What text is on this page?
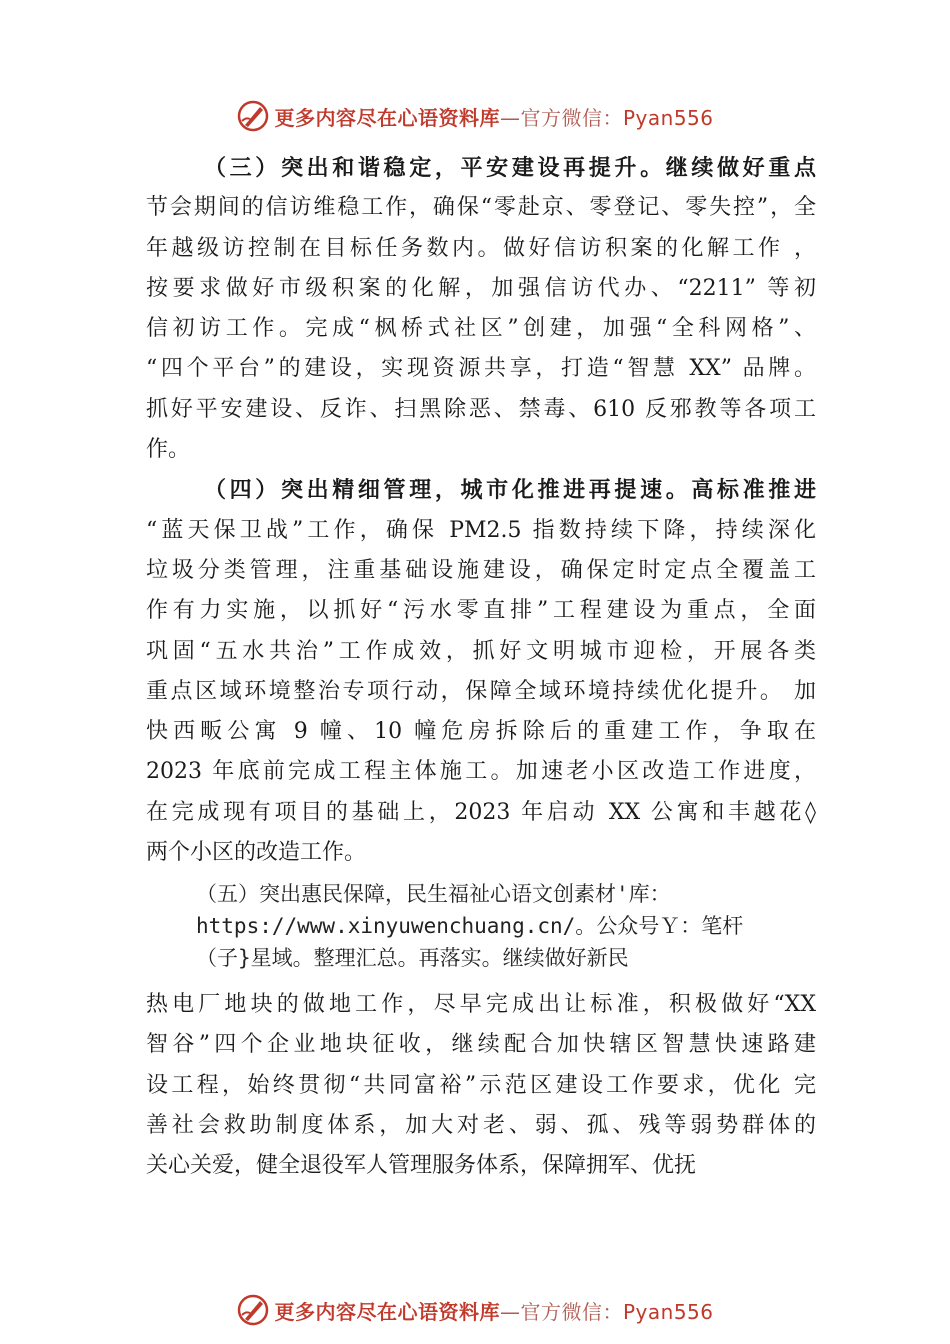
更多内容尽在心语资料库—官方微信：Pyan556
（三）突出和谐稳定，平安建设再提升。继续做好重点
节会期间的信访维稳工作，确保“零赴京、零登记、零失控”，全
年越级访控制在目标任务数内。做好信访积案的化解工作 ，
按要求做好市级积案的化解，加强信访代办、“2211” 等初
信初访工作。完成“枫桥式社区”创建，加强“全科网格”、
“四个平台”的建设，实现资源共享，打造“智慧 XX” 品牌。
抓好平安建设、反诈、扫黑除恶、禁毒、610 反邪教等各项工
作。
（四）突出精细管理，城市化推进再提速。高标准推进
“蓝天保卫战”工作，确保 PM2.5 指数持续下降，持续深化
垃圾分类管理，注重基础设施建设，确保定时定点全覆盖工
作有力实施，以抓好“污水零直排”工程建设为重点，全面
巩固“五水共治”工作成效，抓好文明城市迎检，开展各类
重点区域环境整治专项行动，保障全域环境持续优化提升。 加
快西畈公寓 9 幢、10 幢危房拆除后的重建工作，争取在
2023 年底前完成工程主体施工。加速老小区改造工作进度，
在完成现有项目的基础上，2023 年启动 XX 公寓和丰越花◊
两个小区的改造工作。
（五）突出惠民保障，民生福祉心语文创素材'库：
https://www.xinyuwenchuang.cn/。公众号Ｙ：笔杆
（子}星域。整理汇总。再落实。继续做好新民
热电厂地块的做地工作，尽早完成出让标准，积极做好“XX
智谷”四个企业地块征收，继续配合加快辖区智慧快速路建
设工程，始终贯彻“共同富裕”示范区建设工作要求，优化 完
善社会救助制度体系，加大对老、弱、孤、残等弱势群体的
关心关爱，健全退役军人管理服务体系，保障拥军、优抚
更多内容尽在心语资料库—官方微信：Pyan556
